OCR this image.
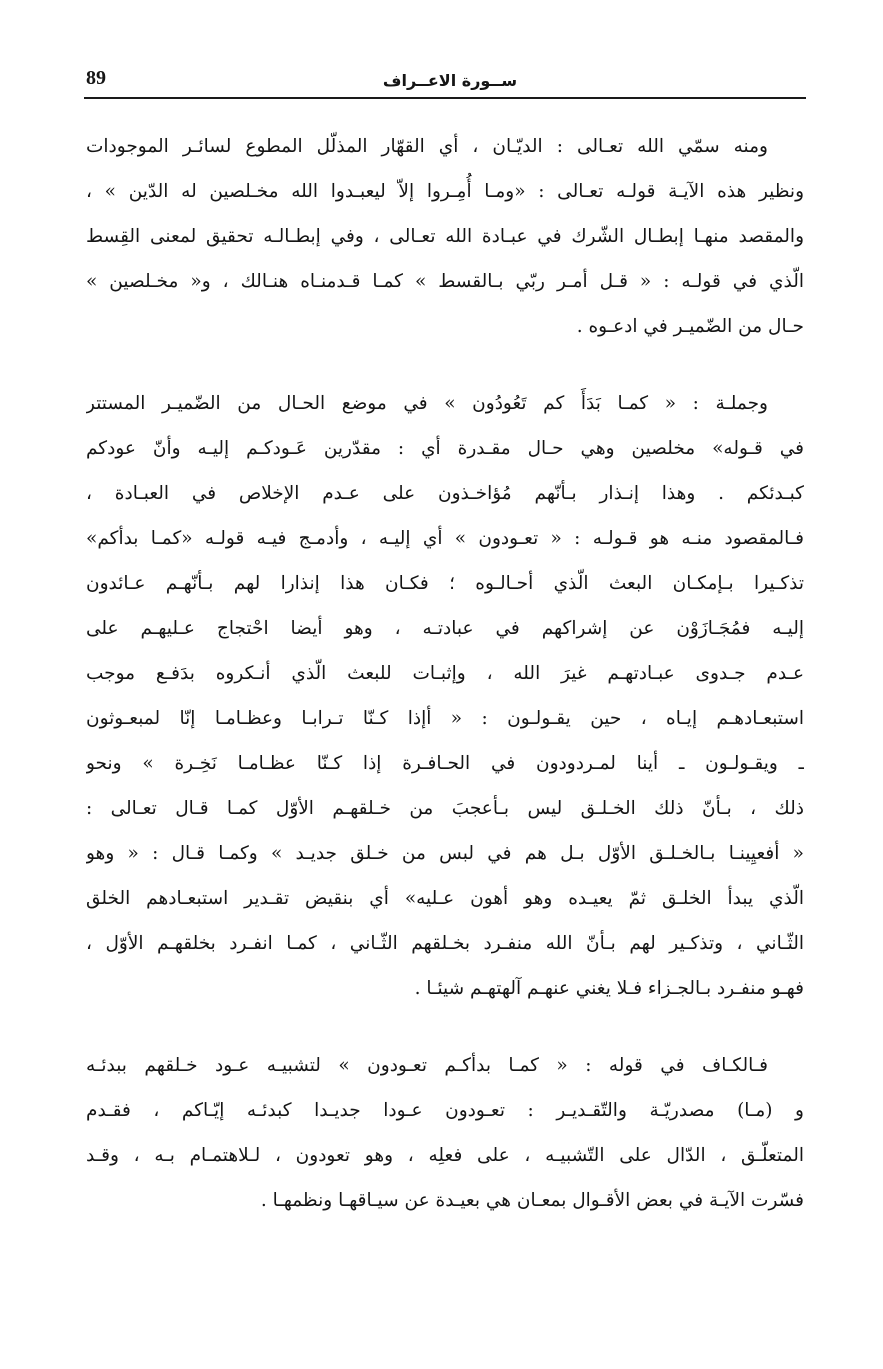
89	ســورة الاعــراف
ومنه سمّي الله تعـالى : الديّـان ، أي القهّار المذلّل المطوع لسائـر الموجودات
ونظير هذه الآيـة قولـه تعـالى : «ومـا أُمِـروا إلاّ ليعبـدوا الله مخـلصين له الدّين » ،
والمقصد منهـا إبطـال الشّرك في عبـادة الله تعـالى ، وفي إبطـالـه تحقيق لمعنى القِسط
الّذي في قولـه : « قـل أمـر ربّي بـالقسط » كمـا قـدمنـاه هنـالك ، و« مخـلصين »
حـال من الضّميـر في ادعـوه .
وجملـة : « كمـا بَدَأَ كم تَعُودُون » في موضع الحـال من الضّميـر المستتر
في قـوله» مخلصين وهي حـال مقـدرة أي : مقدّرين عَـودكـم إليـه وأنّ عودكم
كبـدئكم . وهذا إنـذار بـأنّهم مُؤاخـذون على عـدم الإخلاص في العبـادة ،
فـالمقصود منـه هو قـولـه : « تعـودون » أي إليـه ، وأدمـج فيـه قولـه «كمـا بدأكم»
تذكـيرا بـإمكـان البعث الّذي أحـالـوه ؛ فكـان هذا إنذارا لهم بـأنّهـم عـائدون
إليـه فمُجَـازَوْن عن إشراكهم في عبادتـه ، وهو أيضا احْتجاج عـليهـم على
عـدم جـدوى عبـادتهـم غيرَ الله ، وإثبـات للبعث الّذي أنـكروه بدَفـع موجب
استبعـادهـم إيـاه ، حين يقـولـون : « أإذا كـنّا تـرابـا وعظـامـا إنّا لمبعـوثون
ـ ويقـولـون ـ أينا لمـردودون في الحـافـرة إذا كـنّا عظـامـا نَخِـرة » ونحو
ذلك ، بـأنّ ذلك الخـلـق ليس بـأعجبَ من خـلقهـم الأوّل كمـا قـال تعـالى :
« أفعيِينـا بـالخـلـق الأوّل بـل هم في لبس من خـلق جديـد » وكمـا قـال : « وهو
الّذي يبدأ الخلـق ثمّ يعيـده وهو أهون عـليه» أي بنقيض تقـدير استبعـادهم الخلق
الثّـاني ، وتذكـير لهم بـأنّ الله منفـرد بخـلقهم الثّـاني ، كمـا انفـرد بخلقهـم الأوّل ،
فهـو منفـرد بـالجـزاء فـلا يغني عنهـم آلهتهـم شيئـا .
فـالكـاف في قوله : « كمـا بدأكـم تعـودون » لتشبيـه عـود خـلقهم ببدئـه
و (مـا) مصدريّـة والتّقـديـر : تعـودون عـودا جديـدا كبدئـه إيّـاكم ، فقـدم
المتعلّـق ، الدّال على التّشبيـه ، على فعلِه ، وهو تعودون ، لـلاهتمـام بـه ، وقـد
فسّرت الآيـة في بعض الأقـوال بمعـان هي بعيـدة عن سيـاقهـا ونظمهـا .
